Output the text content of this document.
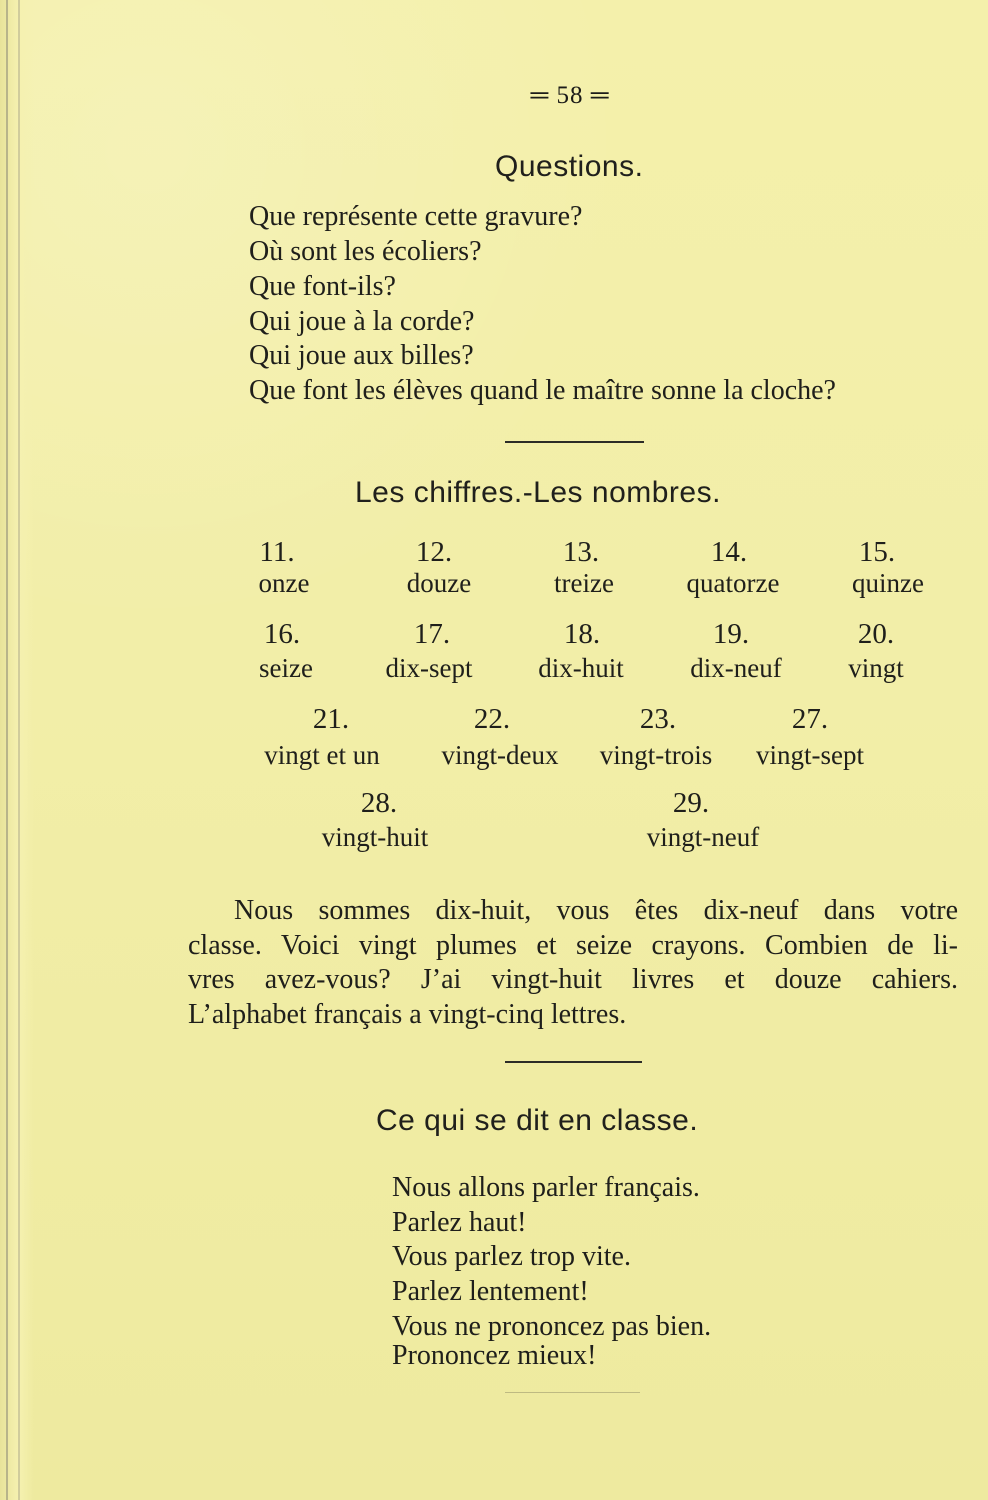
═ 58 ═
Questions.
Que représente cette gravure?
Où sont les écoliers?
Que font-ils?
Qui joue à la corde?
Qui joue aux billes?
Que font les élèves quand le maître sonne la cloche?
Les chiffres.-Les nombres.
11.
onze
12.
douze
13.
treize
14.
quatorze
15.
quinze
16.
seize
17.
dix-sept
18.
dix-huit
19.
dix-neuf
20.
vingt
21.
vingt et un
22.
vingt-deux
23.
vingt-trois
27.
vingt-sept
28.
vingt-huit
29.
vingt-neuf
Nous sommes dix-huit, vous êtes dix-neuf dans votre
classe. Voici vingt plumes et seize crayons. Combien de li-
vres avez-vous? J’ai vingt-huit livres et douze cahiers.
L’alphabet français a vingt-cinq lettres.
Ce qui se dit en classe.
Nous allons parler français.
Parlez haut!
Vous parlez trop vite.
Parlez lentement!
Vous ne prononcez pas bien.
Prononcez mieux!
